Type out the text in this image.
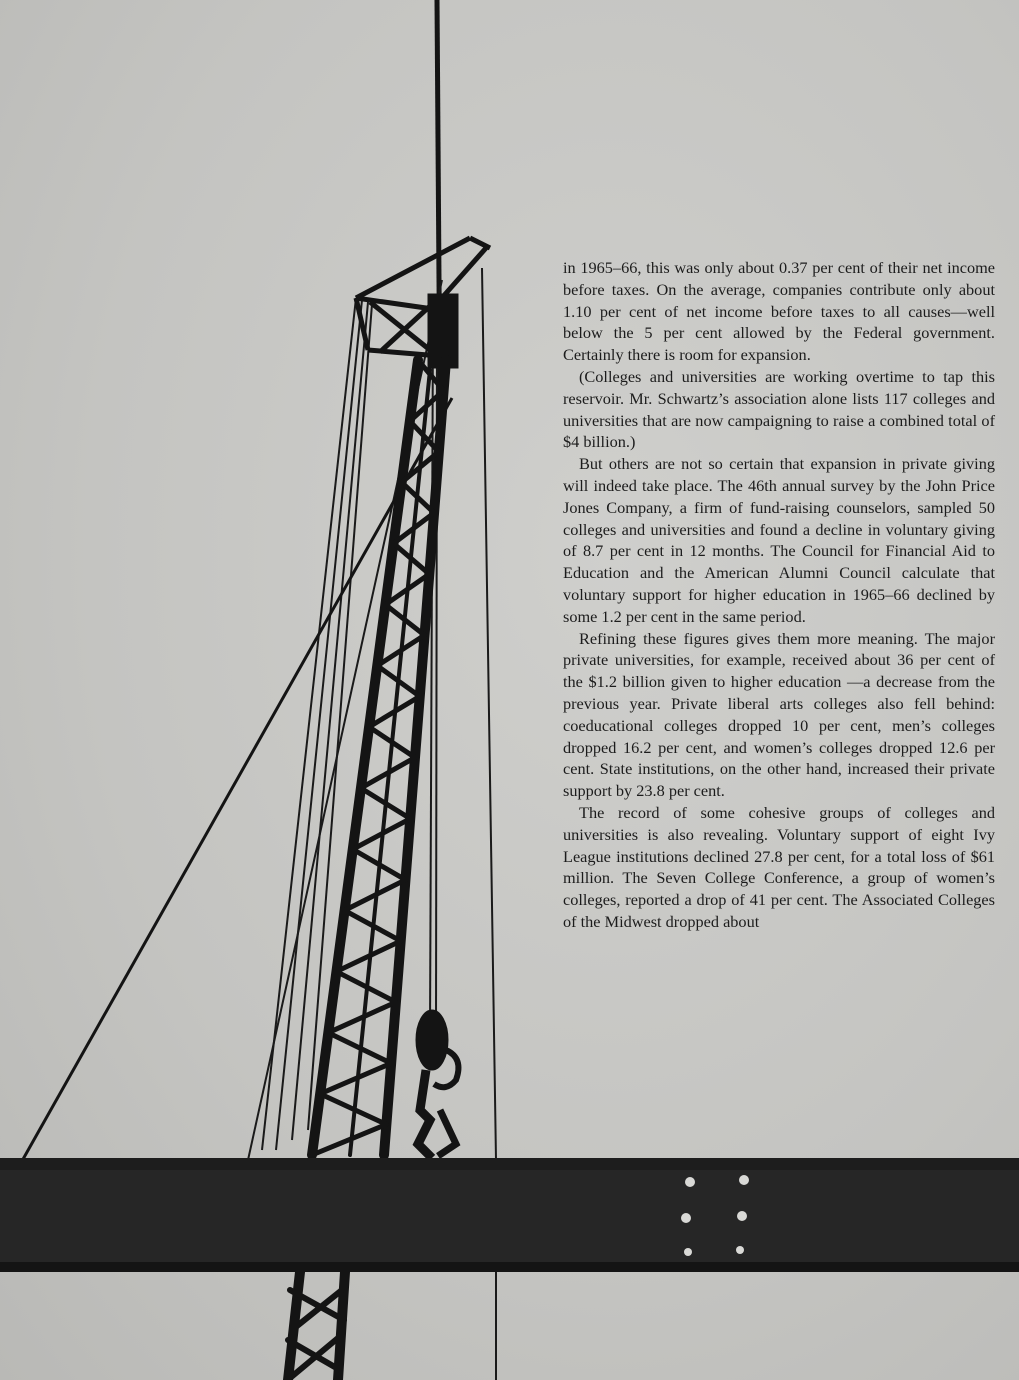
in 1965–66, this was only about 0.37 per cent of their net income before taxes. On the average, companies contribute only about 1.10 per cent of net income before taxes to all causes—well below the 5 per cent allowed by the Federal government. Certainly there is room for expansion.

(Colleges and universities are working overtime to tap this reservoir. Mr. Schwartz’s association alone lists 117 colleges and universities that are now campaigning to raise a combined total of $4 billion.)

But others are not so certain that expansion in private giving will indeed take place. The 46th annual survey by the John Price Jones Company, a firm of fund-raising counselors, sampled 50 colleges and universities and found a decline in voluntary giving of 8.7 per cent in 12 months. The Council for Financial Aid to Education and the American Alumni Council calculate that voluntary support for higher education in 1965–66 declined by some 1.2 per cent in the same period.

Refining these figures gives them more meaning. The major private universities, for example, received about 36 per cent of the $1.2 billion given to higher education —a decrease from the previous year. Private liberal arts colleges also fell behind: coeducational colleges dropped 10 per cent, men’s colleges dropped 16.2 per cent, and women’s colleges dropped 12.6 per cent. State institutions, on the other hand, increased their private support by 23.8 per cent.

The record of some cohesive groups of colleges and universities is also revealing. Voluntary support of eight Ivy League institutions declined 27.8 per cent, for a total loss of $61 million. The Seven College Conference, a group of women’s colleges, reported a drop of 41 per cent. The Associated Colleges of the Midwest dropped about
